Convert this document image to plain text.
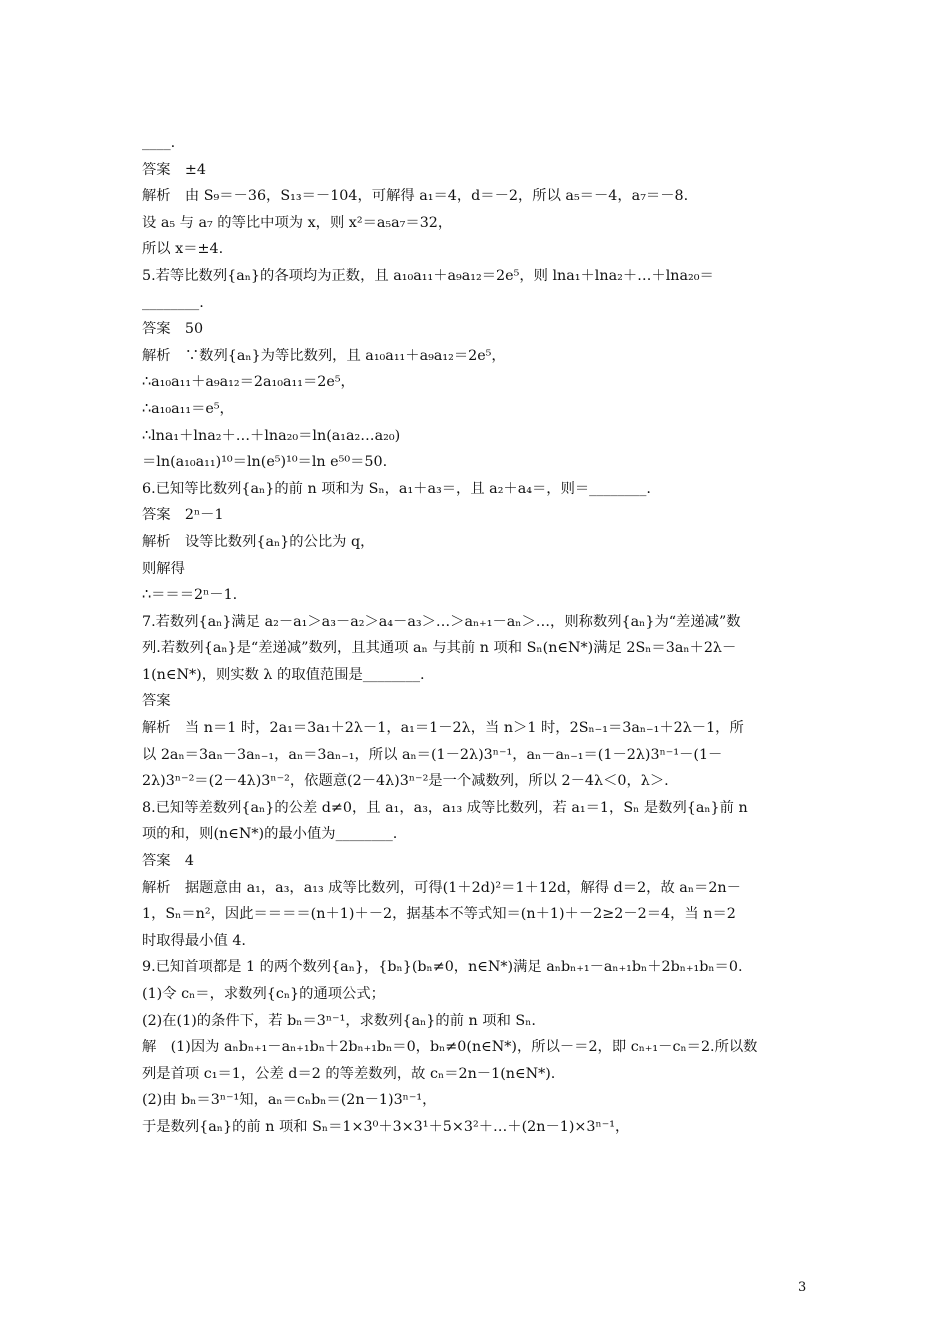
____.
答案　±4
解析　由 S₉＝－36，S₁₃＝－104，可解得 a₁＝4，d＝－2，所以 a₅＝－4，a₇＝－8.
设 a₅ 与 a₇ 的等比中项为 x，则 x²＝a₅a₇＝32，
所以 x＝±4.
5.若等比数列{aₙ}的各项均为正数，且 a₁₀a₁₁＋a₉a₁₂＝2e⁵，则 lna₁＋lna₂＋…＋lna₂₀＝
________.
答案　50
解析　∵数列{aₙ}为等比数列，且 a₁₀a₁₁＋a₉a₁₂＝2e⁵，
∴a₁₀a₁₁＋a₉a₁₂＝2a₁₀a₁₁＝2e⁵，
∴a₁₀a₁₁＝e⁵，
∴lna₁＋lna₂＋…＋lna₂₀＝ln(a₁a₂…a₂₀)
＝ln(a₁₀a₁₁)¹⁰＝ln(e⁵)¹⁰＝ln e⁵⁰＝50.
6.已知等比数列{aₙ}的前 n 项和为 Sₙ，a₁＋a₃＝，且 a₂＋a₄＝，则＝________.
答案　2ⁿ－1
解析　设等比数列{aₙ}的公比为 q，
则解得
∴＝＝＝2ⁿ－1.
7.若数列{aₙ}满足 a₂－a₁＞a₃－a₂＞a₄－a₃＞…＞aₙ₊₁－aₙ＞…，则称数列{aₙ}为“差递减”数
列.若数列{aₙ}是“差递减”数列，且其通项 aₙ 与其前 n 项和 Sₙ(n∈N*)满足 2Sₙ＝3aₙ＋2λ－
1(n∈N*)，则实数 λ 的取值范围是________.
答案
解析　当 n＝1 时，2a₁＝3a₁＋2λ－1，a₁＝1－2λ，当 n＞1 时，2Sₙ₋₁＝3aₙ₋₁＋2λ－1，所
以 2aₙ＝3aₙ－3aₙ₋₁，aₙ＝3aₙ₋₁，所以 aₙ＝(1－2λ)3ⁿ⁻¹，aₙ－aₙ₋₁＝(1－2λ)3ⁿ⁻¹－(1－
2λ)3ⁿ⁻²＝(2－4λ)3ⁿ⁻²，依题意(2－4λ)3ⁿ⁻²是一个减数列，所以 2－4λ＜0，λ＞.
8.已知等差数列{aₙ}的公差 d≠0，且 a₁，a₃，a₁₃ 成等比数列，若 a₁＝1，Sₙ 是数列{aₙ}前 n
项的和，则(n∈N*)的最小值为________.
答案　4
解析　据题意由 a₁，a₃，a₁₃ 成等比数列，可得(1＋2d)²＝1＋12d，解得 d＝2，故 aₙ＝2n－
1，Sₙ＝n²，因此＝＝＝＝(n＋1)＋－2，据基本不等式知＝(n＋1)＋－2≥2－2＝4，当 n＝2
时取得最小值 4.
9.已知首项都是 1 的两个数列{aₙ}，{bₙ}(bₙ≠0，n∈N*)满足 aₙbₙ₊₁－aₙ₊₁bₙ＋2bₙ₊₁bₙ＝0.
(1)令 cₙ＝，求数列{cₙ}的通项公式；
(2)在(1)的条件下，若 bₙ＝3ⁿ⁻¹，求数列{aₙ}的前 n 项和 Sₙ.
解　(1)因为 aₙbₙ₊₁－aₙ₊₁bₙ＋2bₙ₊₁bₙ＝0，bₙ≠0(n∈N*)，所以－＝2，即 cₙ₊₁－cₙ＝2.所以数
列是首项 c₁＝1，公差 d＝2 的等差数列，故 cₙ＝2n－1(n∈N*).
(2)由 bₙ＝3ⁿ⁻¹知，aₙ＝cₙbₙ＝(2n－1)3ⁿ⁻¹，
于是数列{aₙ}的前 n 项和 Sₙ＝1×3⁰＋3×3¹＋5×3²＋…＋(2n－1)×3ⁿ⁻¹，
3
